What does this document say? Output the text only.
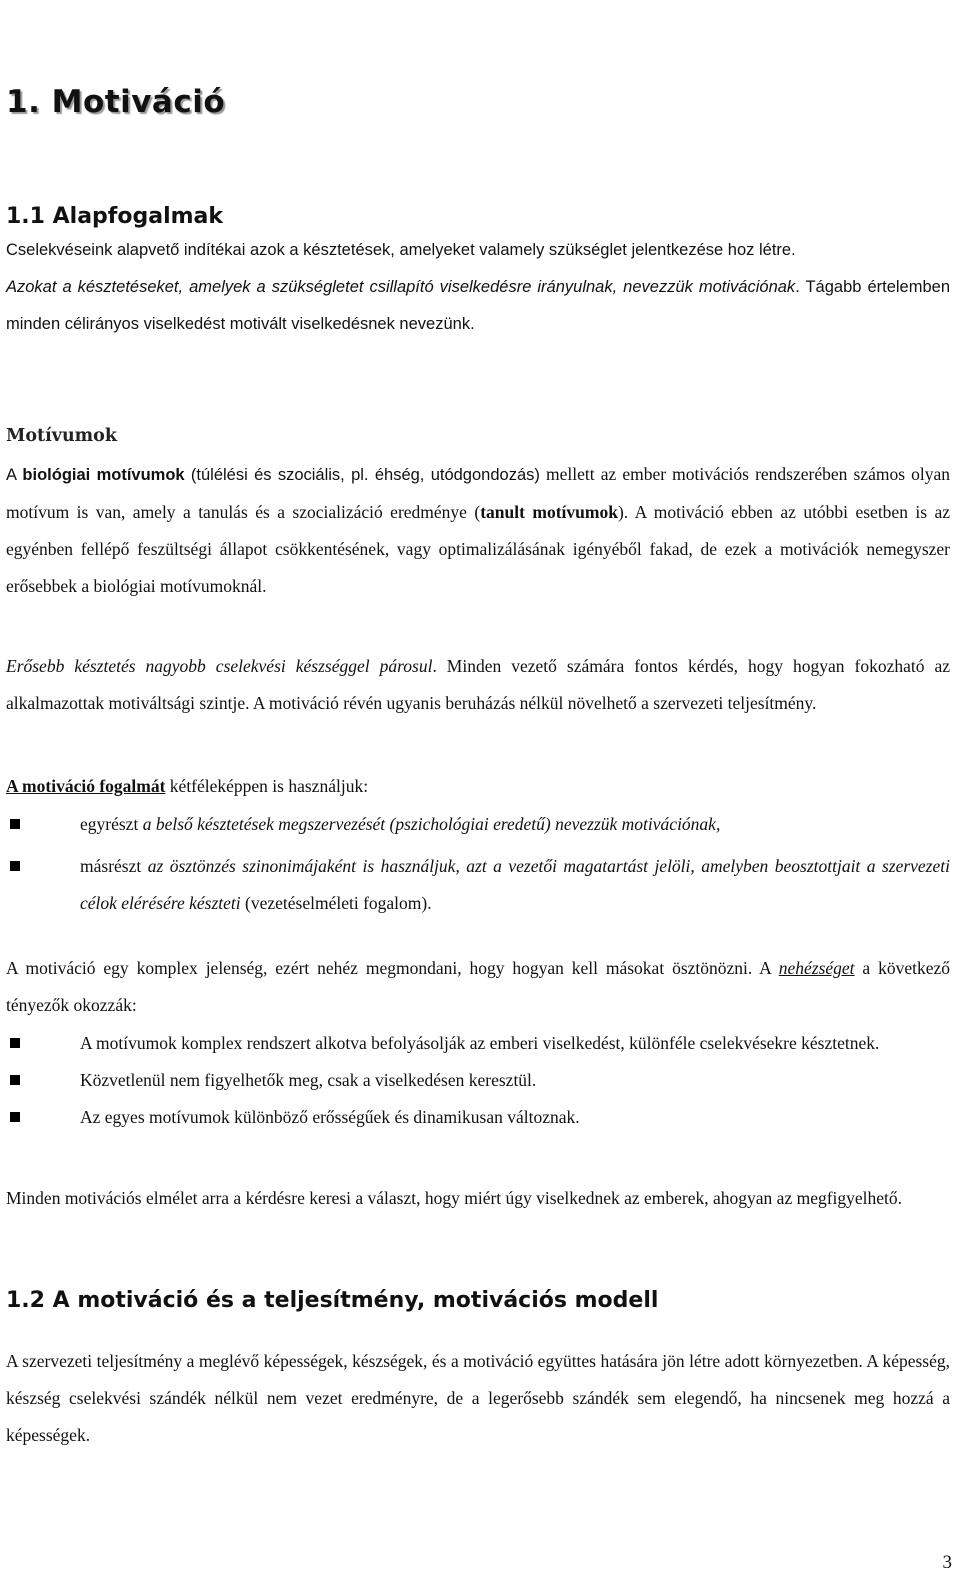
1. Motiváció
1.1 Alapfogalmak
Cselekvéseink alapvető indítékai azok a késztetések, amelyeket valamely szükséglet jelentkezése hoz létre.
Azokat a késztetéseket, amelyek a szükségletet csillapító viselkedésre irányulnak, nevezzük motivációnak. Tágabb értelemben minden célirányos viselkedést motivált viselkedésnek nevezünk.
Motívumok
A biológiai motívumok (túlélési és szociális, pl. éhség, utódgondozás) mellett az ember motivációs rendszerében számos olyan motívum is van, amely a tanulás és a szocializáció eredménye (tanult motívumok). A motiváció ebben az utóbbi esetben is az egyénben fellépő feszültségi állapot csökkentésének, vagy optimalizálásának igényéből fakad, de ezek a motivációk nemegyszer erősebbek a biológiai motívumoknál.
Erősebb késztetés nagyobb cselekvési készséggel párosul. Minden vezető számára fontos kérdés, hogy hogyan fokozható az alkalmazottak motiváltsági szintje. A motiváció révén ugyanis beruházás nélkül növelhető a szervezeti teljesítmény.
A motiváció fogalmát kétféleképpen is használjuk:
egyrészt a belső késztetések megszervezését (pszichológiai eredetű) nevezzük motivációnak,
másrészt az ösztönzés szinonimájaként is használjuk, azt a vezetői magatartást jelöli, amelyben beosztottjait a szervezeti célok elérésére készteti (vezetéselméleti fogalom).
A motiváció egy komplex jelenség, ezért nehéz megmondani, hogy hogyan kell másokat ösztönözni. A nehézséget a következő tényezők okozzák:
A motívumok komplex rendszert alkotva befolyásolják az emberi viselkedést, különféle cselekvésekre késztetnek.
Közvetlenül nem figyelhetők meg, csak a viselkedésen keresztül.
Az egyes motívumok különböző erősségűek és dinamikusan változnak.
Minden motivációs elmélet arra a kérdésre keresi a választ, hogy miért úgy viselkednek az emberek, ahogyan az megfigyelhető.
1.2 A motiváció és a teljesítmény, motivációs modell
A szervezeti teljesítmény a meglévő képességek, készségek, és a motiváció együttes hatására jön létre adott környezetben. A képesség, készség cselekvési szándék nélkül nem vezet eredményre, de a legerősebb szándék sem elegendő, ha nincsenek meg hozzá a képességek.
3
